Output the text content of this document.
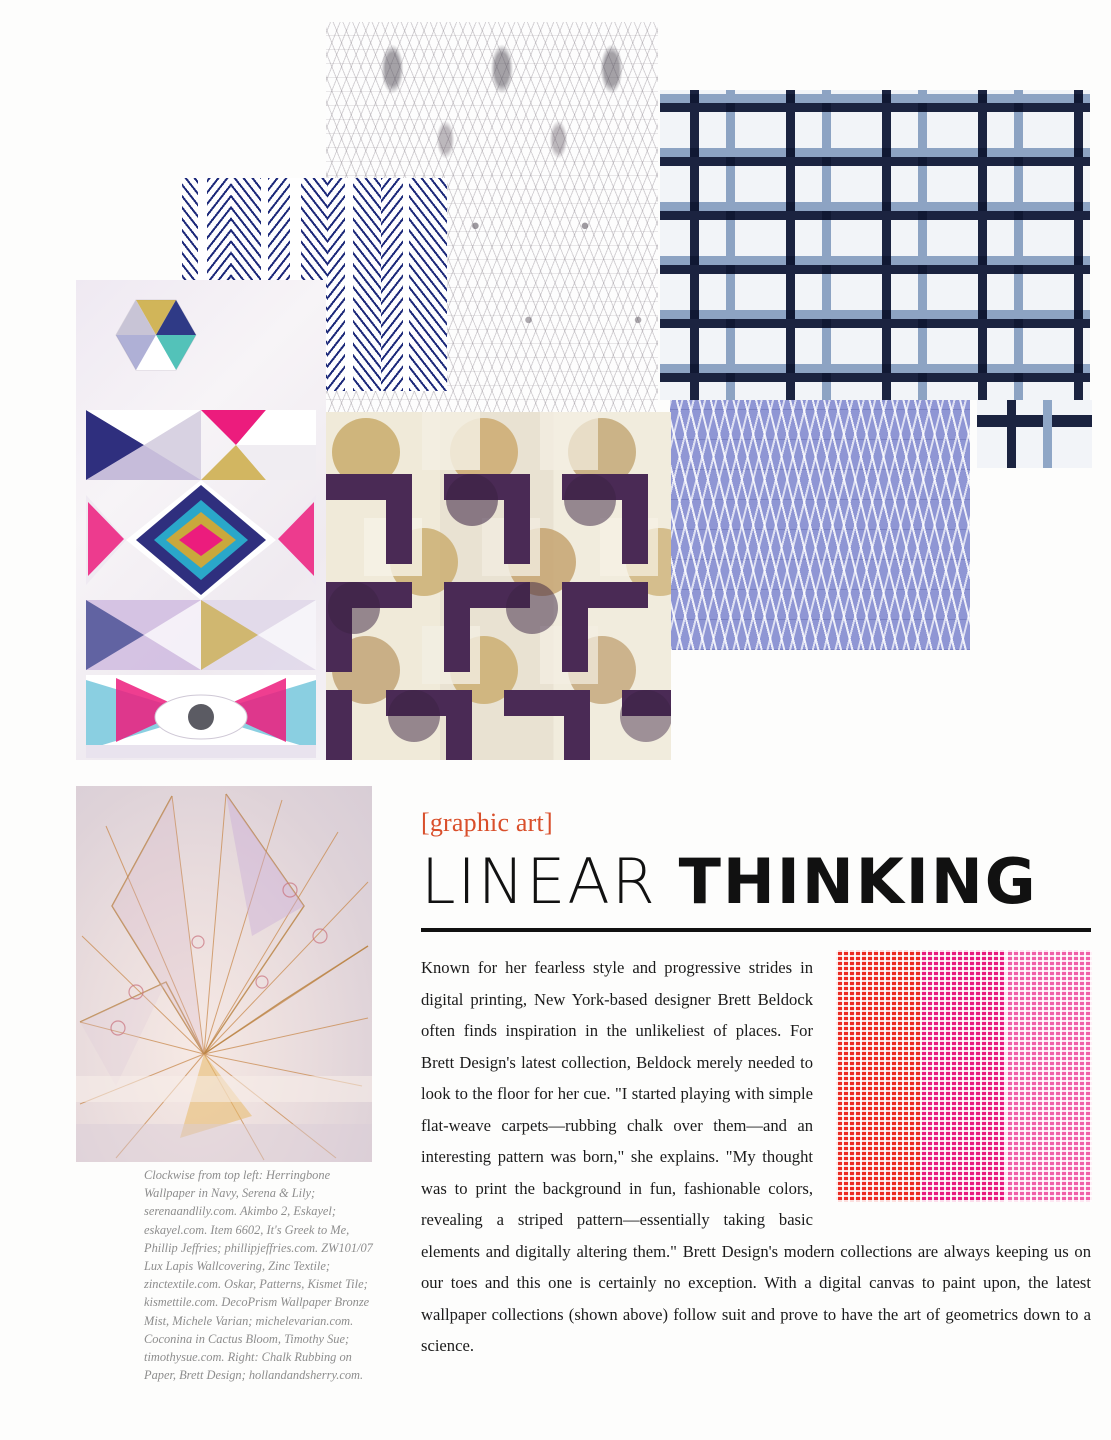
[graphic art]
LINEAR THINKING

Known for her fearless style and progressive strides in digital printing, New York-based designer Brett Beldock often finds inspiration in the unlikeliest of places. For Brett Design's latest collection, Beldock merely needed to look to the floor for her cue. "I started playing with simple flat-weave carpets—rubbing chalk over them—and an interesting pattern was born," she explains. "My thought was to print the background in fun, fashionable colors, revealing a striped pattern—essentially taking basic elements and digitally altering them." Brett Design's modern collections are always keeping us on our toes and this one is certainly no exception. With a digital canvas to paint upon, the latest wallpaper collections (shown above) follow suit and prove to have the art of geometrics down to a science.

Clockwise from top left: Herringbone Wallpaper in Navy, Serena & Lily; serenaandlily.com. Akimbo 2, Eskayel; eskayel.com. Item 6602, It's Greek to Me, Phillip Jeffries; phillipjeffries.com. ZW101/07 Lux Lapis Wallcovering, Zinc Textile; zinctextile.com. Oskar, Patterns, Kismet Tile; kismettile.com. DecoPrism Wallpaper Bronze Mist, Michele Varian; michelevarian.com. Coconina in Cactus Bloom, Timothy Sue; timothysue.com. Right: Chalk Rubbing on Paper, Brett Design; hollandandsherry.com.
